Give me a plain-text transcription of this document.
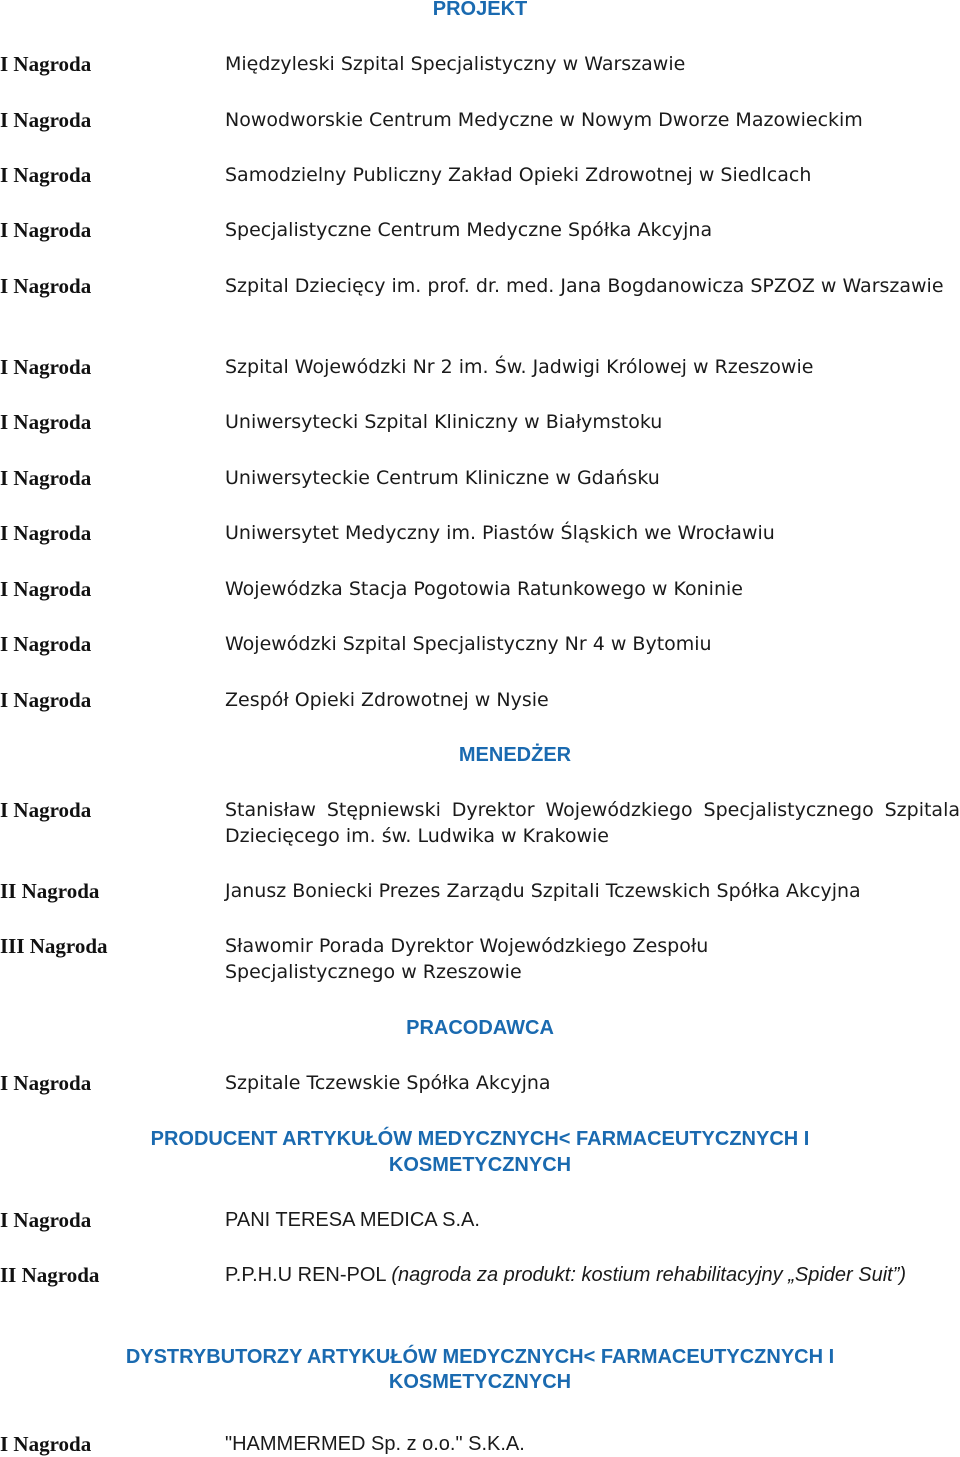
PROJEKT
I Nagroda	Międzyleski Szpital Specjalistyczny w Warszawie
I Nagroda	Nowodworskie Centrum Medyczne w Nowym Dworze Mazowieckim
I Nagroda	Samodzielny Publiczny Zakład Opieki Zdrowotnej w Siedlcach
I Nagroda	Specjalistyczne Centrum Medyczne Spółka Akcyjna
I Nagroda	Szpital Dziecięcy im. prof. dr. med. Jana Bogdanowicza SPZOZ w Warszawie
I Nagroda	Szpital Wojewódzki Nr 2 im. Św. Jadwigi Królowej w Rzeszowie
I Nagroda	Uniwersytecki Szpital Kliniczny w Białymstoku
I Nagroda	Uniwersyteckie Centrum Kliniczne w Gdańsku
I Nagroda	Uniwersytet Medyczny im. Piastów Śląskich we Wrocławiu
I Nagroda	Wojewódzka Stacja Pogotowia Ratunkowego w Koninie
I Nagroda	Wojewódzki Szpital Specjalistyczny Nr 4 w Bytomiu
I Nagroda	Zespół Opieki Zdrowotnej w Nysie
MENEDŻER
I Nagroda	Stanisław Stępniewski Dyrektor Wojewódzkiego Specjalistycznego Szpitala Dziecięcego im. św. Ludwika w Krakowie
II Nagroda	Janusz Boniecki Prezes Zarządu Szpitali Tczewskich Spółka Akcyjna
III Nagroda	Sławomir Porada Dyrektor Wojewódzkiego Zespołu Specjalistycznego w Rzeszowie
PRACODAWCA
I Nagroda	Szpitale Tczewskie Spółka Akcyjna
PRODUCENT ARTYKUŁÓW MEDYCZNYCH< FARMACEUTYCZNYCH I
KOSMETYCZNYCH
I Nagroda	PANI TERESA MEDICA S.A.
II Nagroda	P.P.H.U REN-POL (nagroda za produkt: kostium rehabilitacyjny „Spider Suit”)
DYSTRYBUTORZY ARTYKUŁÓW MEDYCZNYCH< FARMACEUTYCZNYCH I
KOSMETYCZNYCH
I Nagroda	"HAMMERMED Sp. z o.o." S.K.A.
